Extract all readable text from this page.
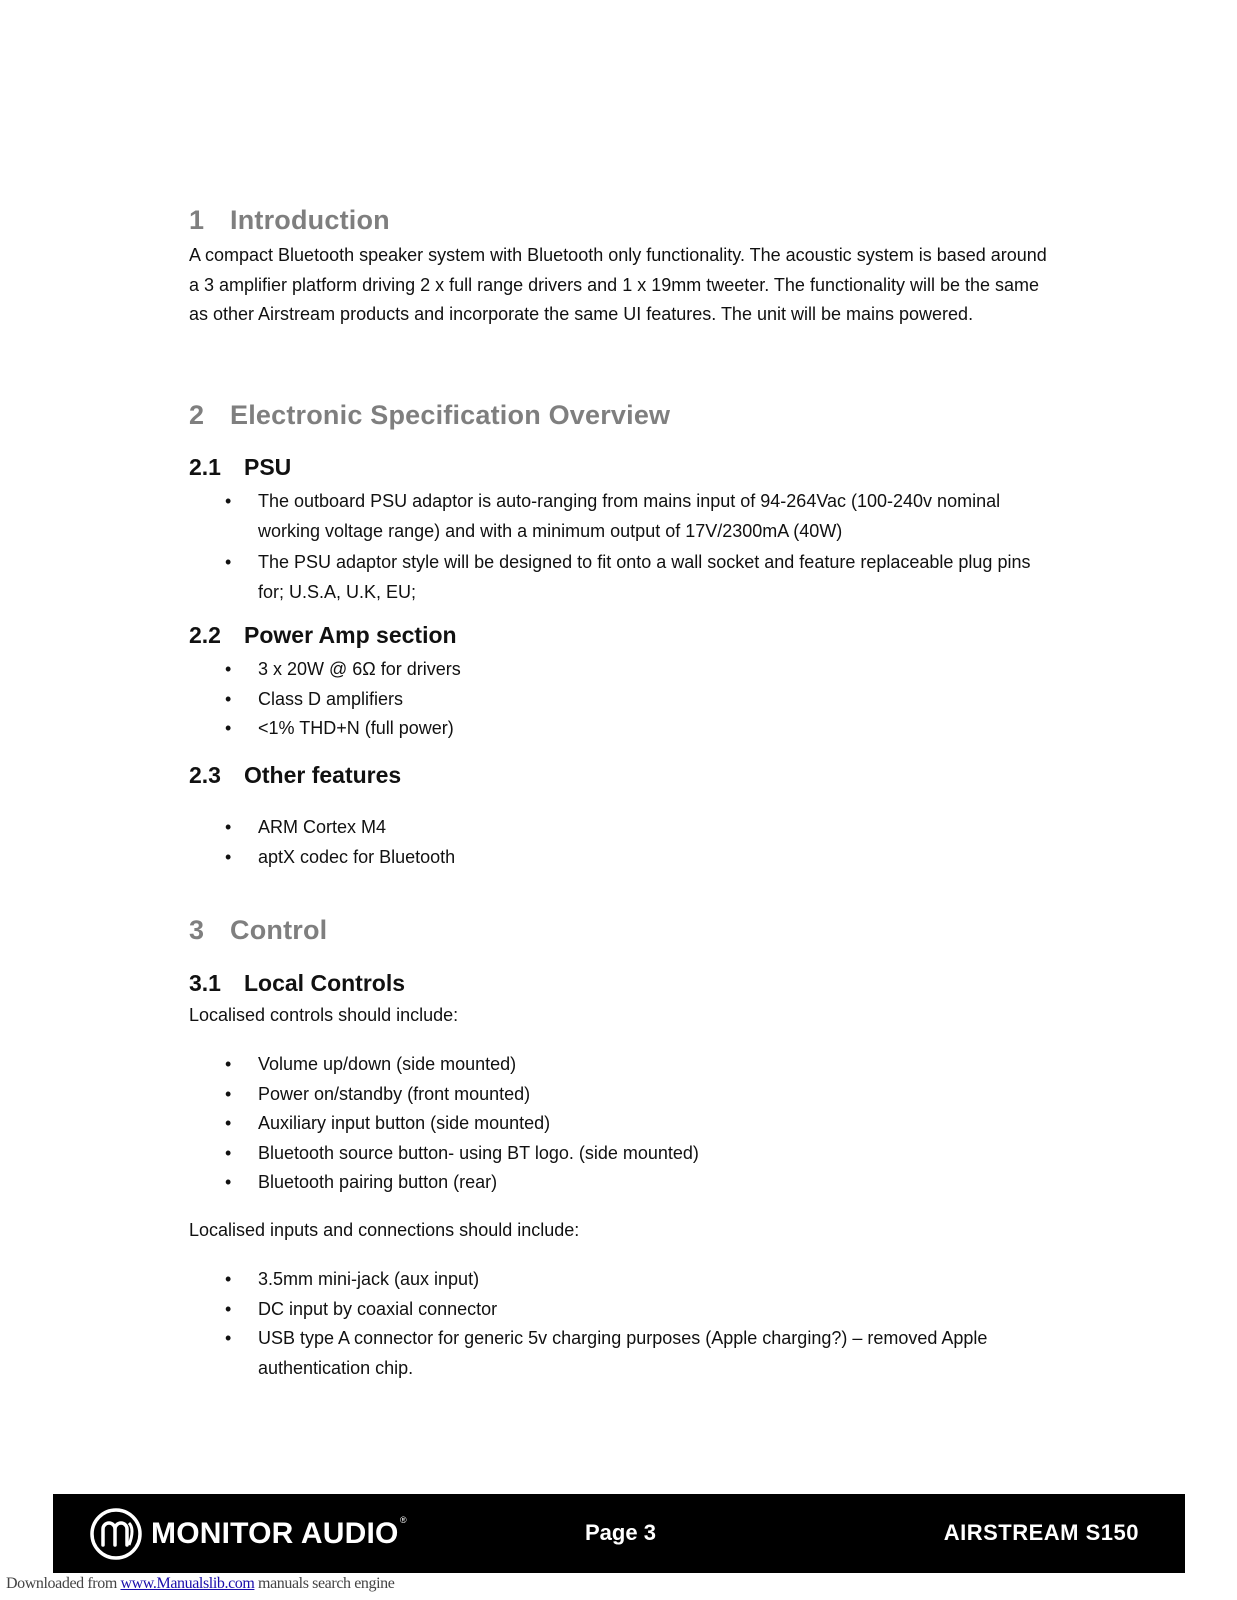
1 Introduction
A compact Bluetooth speaker system with Bluetooth only functionality. The acoustic system is based around a 3 amplifier platform driving 2 x full range drivers and 1 x 19mm tweeter. The functionality will be the same as other Airstream products and incorporate the same UI features. The unit will be mains powered.
2 Electronic Specification Overview
2.1 PSU
• The outboard PSU adaptor is auto-ranging from mains input of 94-264Vac (100-240v nominal working voltage range) and with a minimum output of 17V/2300mA (40W)
• The PSU adaptor style will be designed to fit onto a wall socket and feature replaceable plug pins for; U.S.A, U.K, EU;
2.2 Power Amp section
• 3 x 20W @ 6Ω for drivers
• Class D amplifiers
• <1% THD+N (full power)
2.3 Other features
• ARM Cortex M4
• aptX codec for Bluetooth
3 Control
3.1 Local Controls
Localised controls should include:
• Volume up/down (side mounted)
• Power on/standby (front mounted)
• Auxiliary input button (side mounted)
• Bluetooth source button- using BT logo. (side mounted)
• Bluetooth pairing button (rear)
Localised inputs and connections should include:
• 3.5mm mini-jack (aux input)
• DC input by coaxial connector
• USB type A connector for generic 5v charging purposes (Apple charging?) – removed Apple authentication chip.
MONITOR AUDIO ®	Page 3	AIRSTREAM S150
Downloaded from www.Manualslib.com manuals search engine
